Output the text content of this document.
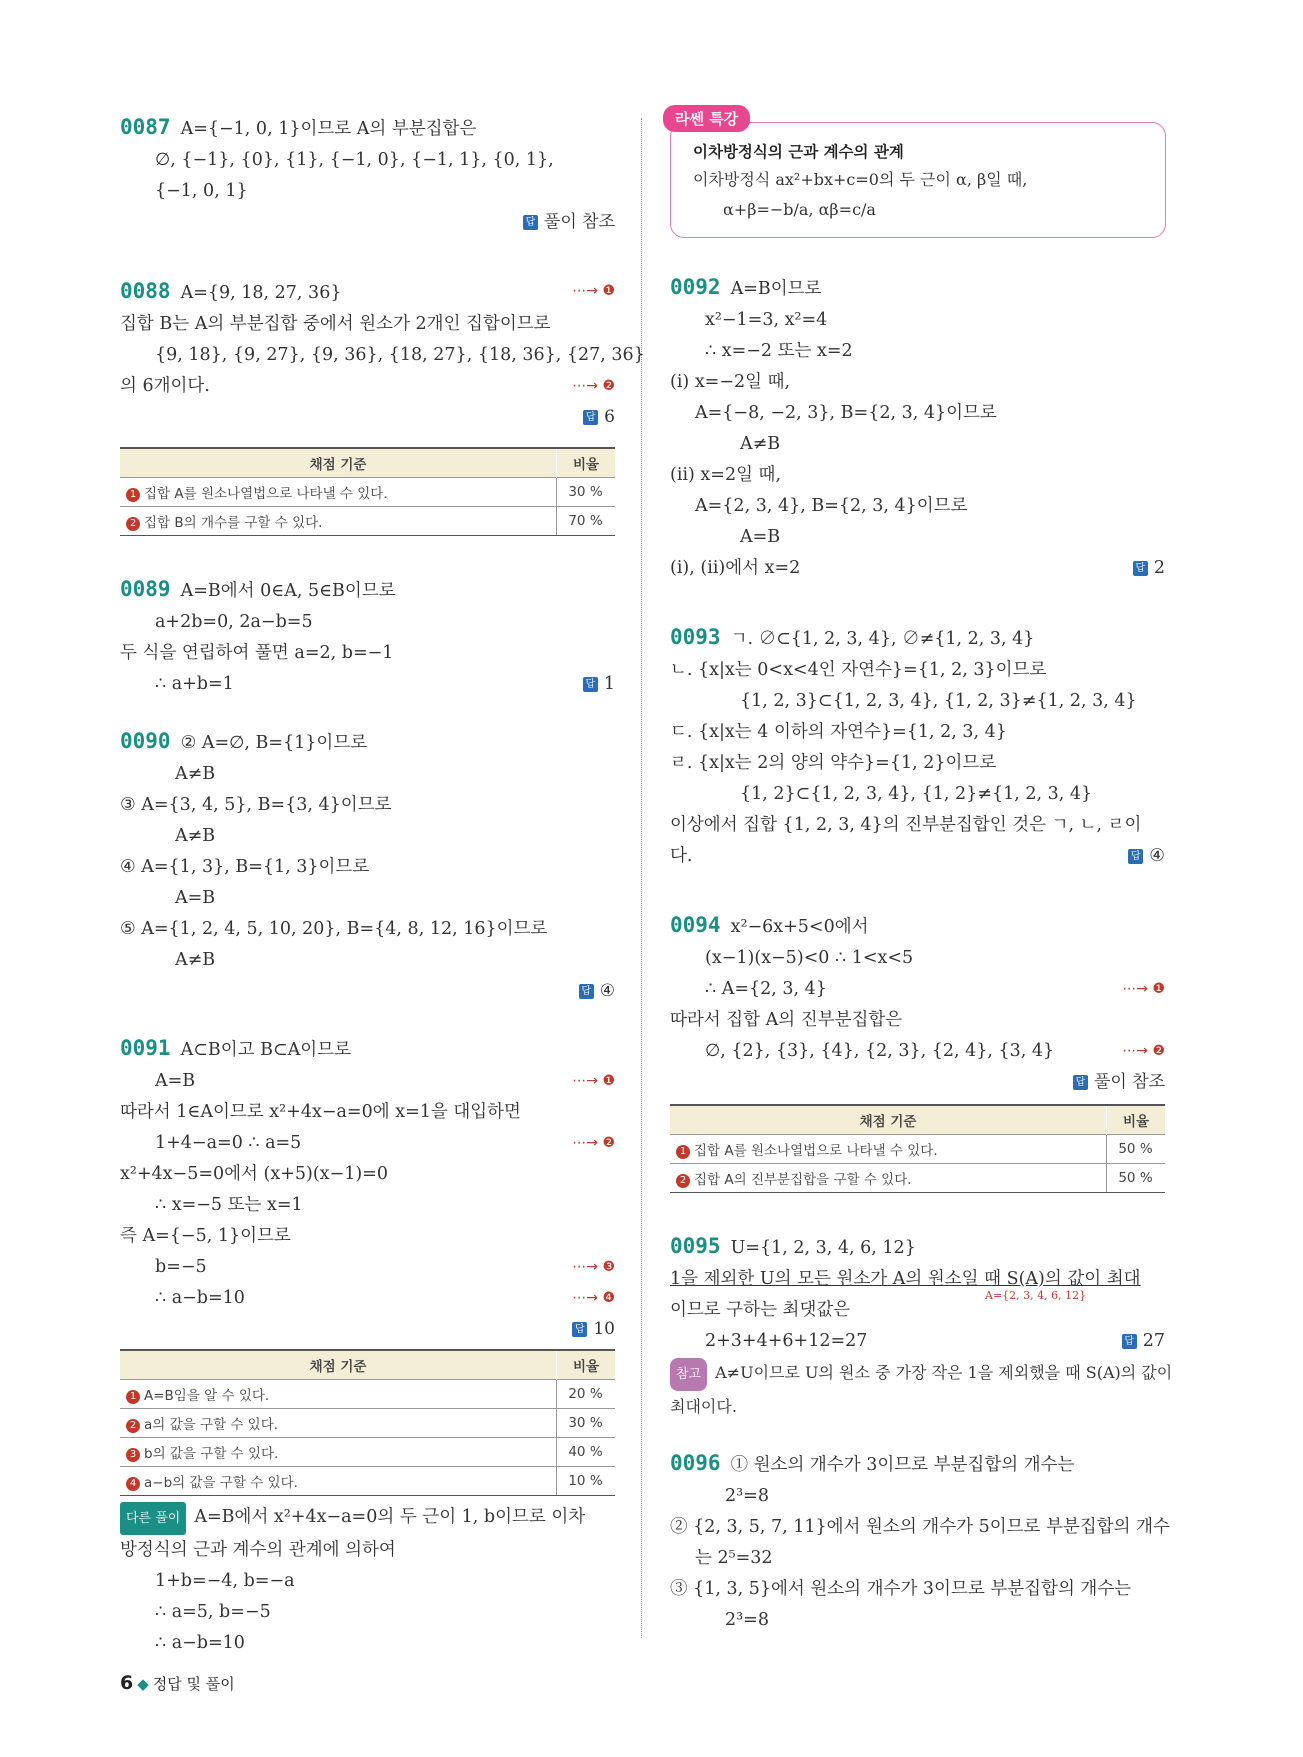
0087 A={−1, 0, 1}이므로 A의 부분집합은
∅, {−1}, {0}, {1}, {−1, 0}, {−1, 1}, {0, 1},
{−1, 0, 1}
답 풀이 참조
0088 A={9, 18, 27, 36}	⋯→ ❶
집합 B는 A의 부분집합 중에서 원소가 2개인 집합이므로
{9, 18}, {9, 27}, {9, 36}, {18, 27}, {18, 36}, {27, 36}
의 6개이다.	⋯→ ❷
답 6
채점 기준	비율
1 집합 A를 원소나열법으로 나타낼 수 있다.	30 %
2 집합 B의 개수를 구할 수 있다.	70 %
0089 A=B에서 0∈A, 5∈B이므로
a+2b=0, 2a−b=5
두 식을 연립하여 풀면 a=2, b=−1
∴ a+b=1	답 1
0090 ② A=∅, B={1}이므로
A≠B
③ A={3, 4, 5}, B={3, 4}이므로
A≠B
④ A={1, 3}, B={1, 3}이므로
A=B
⑤ A={1, 2, 4, 5, 10, 20}, B={4, 8, 12, 16}이므로
A≠B
답 ④
0091 A⊂B이고 B⊂A이므로
A=B	⋯→ ❶
따라서 1∈A이므로 x²+4x−a=0에 x=1을 대입하면
1+4−a=0 ∴ a=5	⋯→ ❷
x²+4x−5=0에서 (x+5)(x−1)=0
∴ x=−5 또는 x=1
즉 A={−5, 1}이므로
b=−5	⋯→ ❸
∴ a−b=10	⋯→ ❹
답 10
채점 기준	비율
1 A=B임을 알 수 있다.	20 %
2 a의 값을 구할 수 있다.	30 %
3 b의 값을 구할 수 있다.	40 %
4 a−b의 값을 구할 수 있다.	10 %
다른 풀이 A=B에서 x²+4x−a=0의 두 근이 1, b이므로 이차
방정식의 근과 계수의 관계에 의하여
1+b=−4, b=−a
∴ a=5, b=−5
∴ a−b=10
라쎈 특강
이차방정식의 근과 계수의 관계
이차방정식 ax²+bx+c=0의 두 근이 α, β일 때,
α+β=−b/a, αβ=c/a
0092 A=B이므로
x²−1=3, x²=4
∴ x=−2 또는 x=2
(ⅰ) x=−2일 때,
A={−8, −2, 3}, B={2, 3, 4}이므로
A≠B
(ⅱ) x=2일 때,
A={2, 3, 4}, B={2, 3, 4}이므로
A=B
(ⅰ), (ⅱ)에서 x=2	답 2
0093 ㄱ. ∅⊂{1, 2, 3, 4}, ∅≠{1, 2, 3, 4}
ㄴ. {x|x는 0<x<4인 자연수}={1, 2, 3}이므로
{1, 2, 3}⊂{1, 2, 3, 4}, {1, 2, 3}≠{1, 2, 3, 4}
ㄷ. {x|x는 4 이하의 자연수}={1, 2, 3, 4}
ㄹ. {x|x는 2의 양의 약수}={1, 2}이므로
{1, 2}⊂{1, 2, 3, 4}, {1, 2}≠{1, 2, 3, 4}
이상에서 집합 {1, 2, 3, 4}의 진부분집합인 것은 ㄱ, ㄴ, ㄹ이
다.	답 ④
0094 x²−6x+5<0에서
(x−1)(x−5)<0 ∴ 1<x<5
∴ A={2, 3, 4}	⋯→ ❶
따라서 집합 A의 진부분집합은
∅, {2}, {3}, {4}, {2, 3}, {2, 4}, {3, 4}	⋯→ ❷
답 풀이 참조
채점 기준	비율
1 집합 A를 원소나열법으로 나타낼 수 있다.	50 %
2 집합 A의 진부분집합을 구할 수 있다.	50 %
0095 U={1, 2, 3, 4, 6, 12}
1을 제외한 U의 모든 원소가 A의 원소일 때 S(A)의 값이 최대
A={2, 3, 4, 6, 12}
이므로 구하는 최댓값은
2+3+4+6+12=27	답 27
참고 A≠U이므로 U의 원소 중 가장 작은 1을 제외했을 때 S(A)의 값이
최대이다.
0096 ① 원소의 개수가 3이므로 부분집합의 개수는
2³=8
② {2, 3, 5, 7, 11}에서 원소의 개수가 5이므로 부분집합의 개수
는 2⁵=32
③ {1, 3, 5}에서 원소의 개수가 3이므로 부분집합의 개수는
2³=8
6 ◆ 정답 및 풀이
